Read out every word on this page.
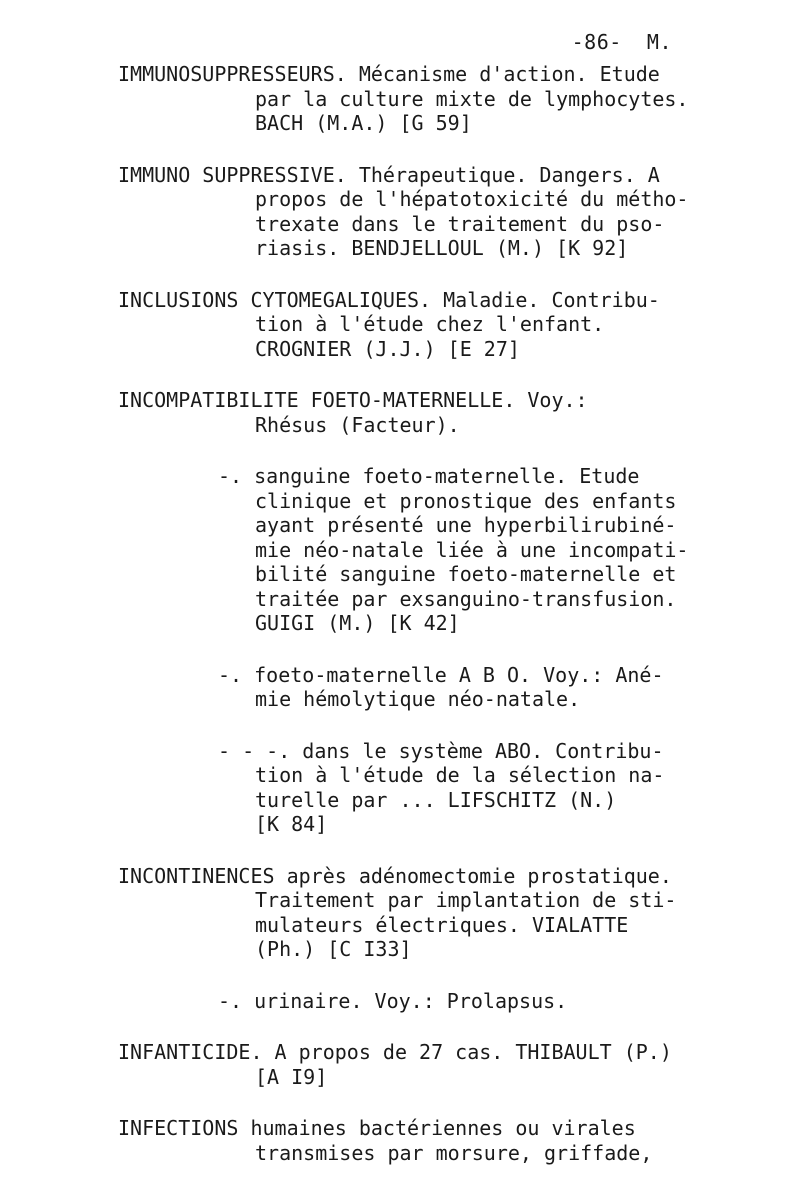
-86- M.
IMMUNOSUPPRESSEURS. Mécanisme d'action. Etude
par la culture mixte de lymphocytes.
BACH (M.A.) [G 59]
IMMUNO SUPPRESSIVE. Thérapeutique. Dangers. A
propos de l'hépatotoxicité du métho-
trexate dans le traitement du pso-
riasis. BENDJELLOUL (M.) [K 92]
INCLUSIONS CYTOMEGALIQUES. Maladie. Contribu-
tion à l'étude chez l'enfant.
CROGNIER (J.J.) [E 27]
INCOMPATIBILITE FOETO-MATERNELLE. Voy.:
Rhésus (Facteur).
-. sanguine foeto-maternelle. Etude
clinique et pronostique des enfants
ayant présenté une hyperbilirubiné-
mie néo-natale liée à une incompati-
bilité sanguine foeto-maternelle et
traitée par exsanguino-transfusion.
GUIGI (M.) [K 42]
-. foeto-maternelle A B O. Voy.: Ané-
mie hémolytique néo-natale.
- - -. dans le système ABO. Contribu-
tion à l'étude de la sélection na-
turelle par ... LIFSCHITZ (N.)
[K 84]
INCONTINENCES après adénomectomie prostatique.
Traitement par implantation de sti-
mulateurs électriques. VIALATTE
(Ph.) [C I33]
-. urinaire. Voy.: Prolapsus.
INFANTICIDE. A propos de 27 cas. THIBAULT (P.)
[A I9]
INFECTIONS humaines bactériennes ou virales
transmises par morsure, griffade,
